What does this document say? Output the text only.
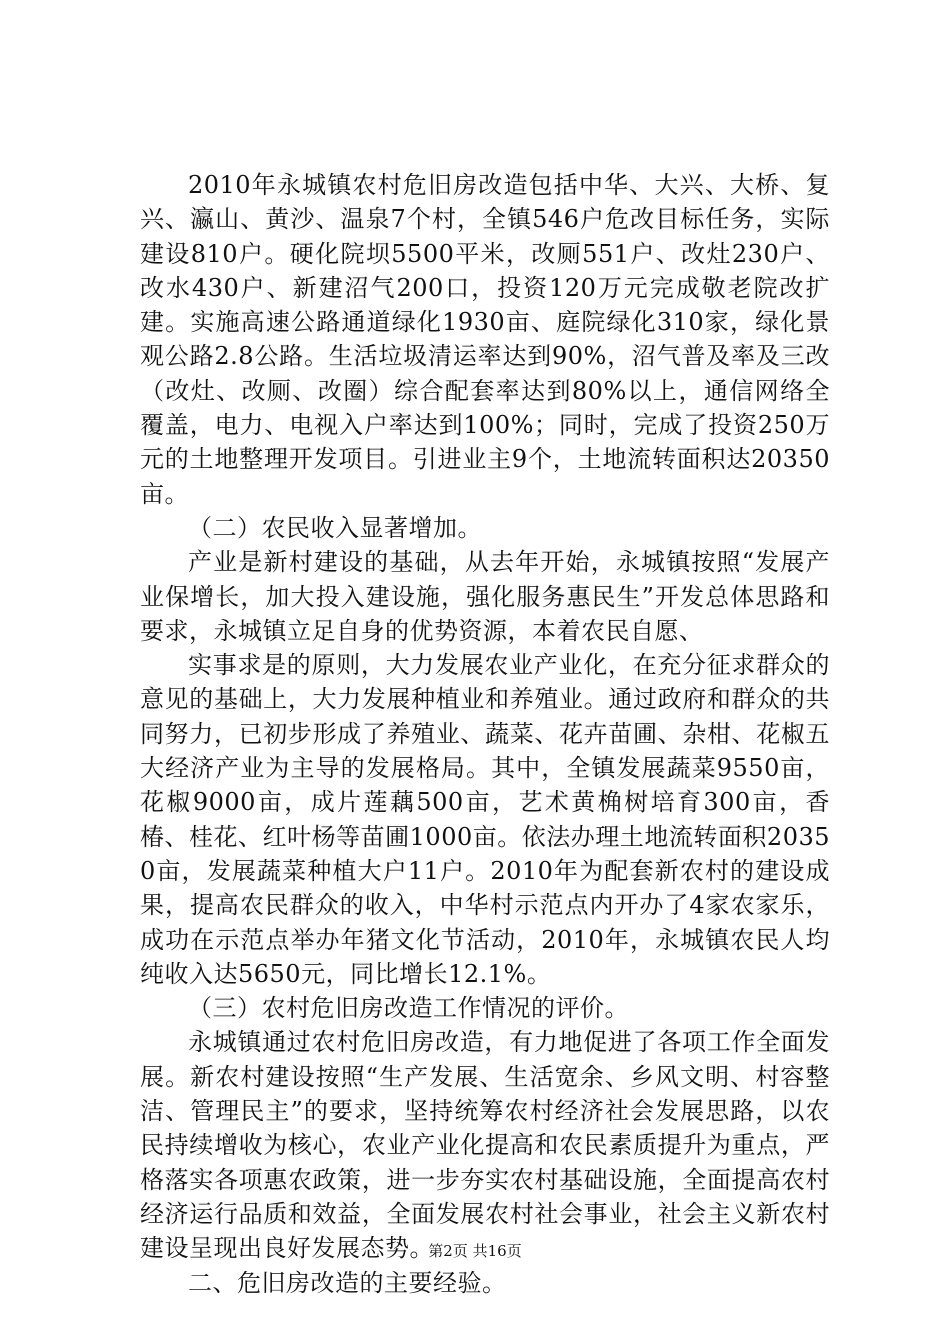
2010年永城镇农村危旧房改造包括中华、大兴、大桥、复兴、瀛山、黄沙、温泉7个村，全镇546户危改目标任务，实际建设810户。硬化院坝5500平米，改厕551户、改灶230户、改水430户、新建沼气200口，投资120万元完成敬老院改扩建。实施高速公路通道绿化1930亩、庭院绿化310家，绿化景观公路2.8公路。生活垃圾清运率达到90%，沼气普及率及三改（改灶、改厕、改圈）综合配套率达到80%以上，通信网络全覆盖，电力、电视入户率达到100%；同时，完成了投资250万元的土地整理开发项目。引进业主9个，土地流转面积达20350亩。

（二）农民收入显著增加。

产业是新村建设的基础，从去年开始，永城镇按照“发展产业保增长，加大投入建设施，强化服务惠民生”开发总体思路和要求，永城镇立足自身的优势资源，本着农民自愿、

实事求是的原则，大力发展农业产业化，在充分征求群众的意见的基础上，大力发展种植业和养殖业。通过政府和群众的共同努力，已初步形成了养殖业、蔬菜、花卉苗圃、杂柑、花椒五大经济产业为主导的发展格局。其中，全镇发展蔬菜9550亩，花椒9000亩，成片莲藕500亩，艺术黄桷树培育300亩，香椿、桂花、红叶杨等苗圃1000亩。依法办理土地流转面积20350亩，发展蔬菜种植大户11户。2010年为配套新农村的建设成果，提高农民群众的收入，中华村示范点内开办了4家农家乐，成功在示范点举办年猪文化节活动，2010年，永城镇农民人均纯收入达5650元，同比增长12.1%。

（三）农村危旧房改造工作情况的评价。

永城镇通过农村危旧房改造，有力地促进了各项工作全面发展。新农村建设按照“生产发展、生活宽余、乡风文明、村容整洁、管理民主”的要求，坚持统筹农村经济社会发展思路，以农民持续增收为核心，农业产业化提高和农民素质提升为重点，严格落实各项惠农政策，进一步夯实农村基础设施，全面提高农村经济运行品质和效益，全面发展农村社会事业，社会主义新农村建设呈现出良好发展态势。

二、危旧房改造的主要经验。

第2页 共16页
